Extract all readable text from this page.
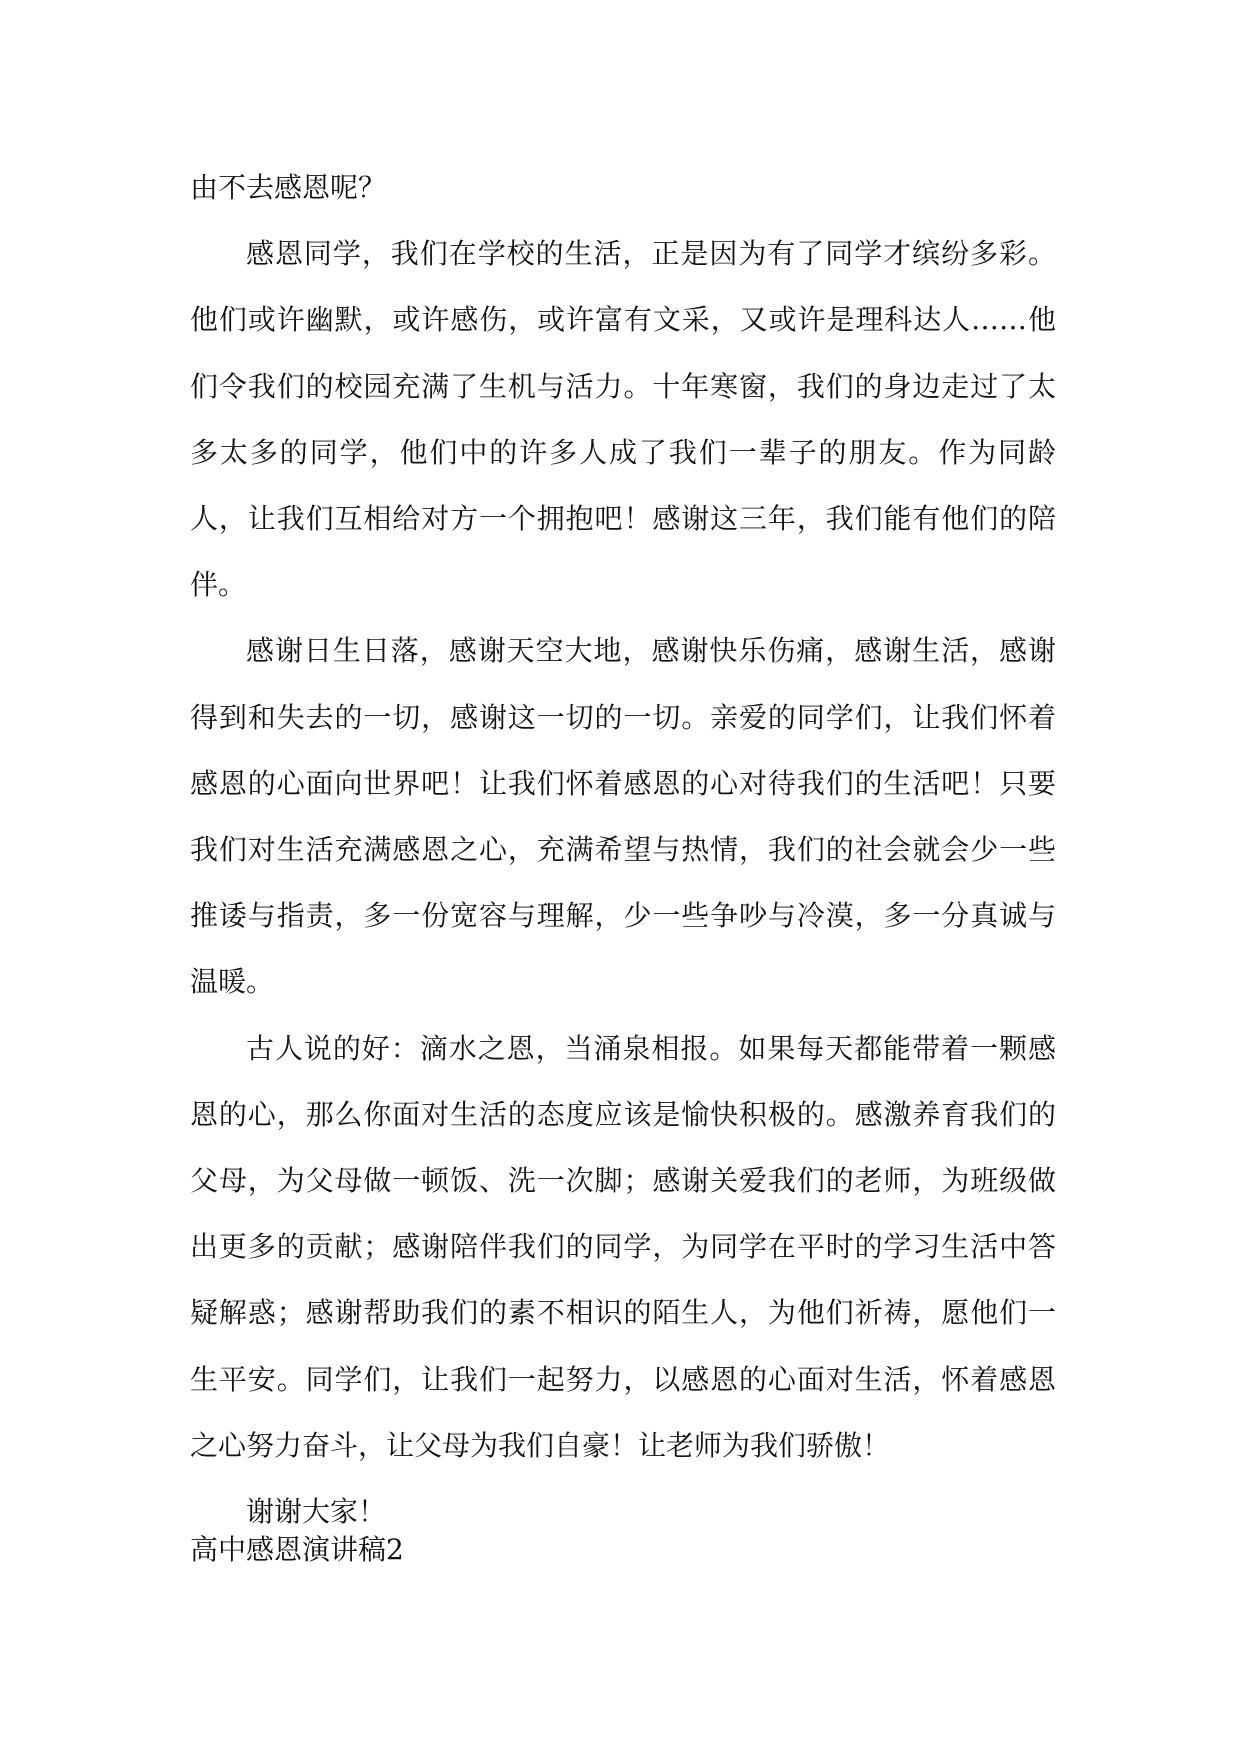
由不去感恩呢？

感恩同学，我们在学校的生活，正是因为有了同学才缤纷多彩。他们或许幽默，或许感伤，或许富有文采，又或许是理科达人……他们令我们的校园充满了生机与活力。十年寒窗，我们的身边走过了太多太多的同学，他们中的许多人成了我们一辈子的朋友。作为同龄人，让我们互相给对方一个拥抱吧！感谢这三年，我们能有他们的陪伴。

感谢日生日落，感谢天空大地，感谢快乐伤痛，感谢生活，感谢得到和失去的一切，感谢这一切的一切。亲爱的同学们，让我们怀着感恩的心面向世界吧！让我们怀着感恩的心对待我们的生活吧！只要我们对生活充满感恩之心，充满希望与热情，我们的社会就会少一些推诿与指责，多一份宽容与理解，少一些争吵与冷漠，多一分真诚与温暖。

古人说的好：滴水之恩，当涌泉相报。如果每天都能带着一颗感恩的心，那么你面对生活的态度应该是愉快积极的。感激养育我们的父母，为父母做一顿饭、洗一次脚；感谢关爱我们的老师，为班级做出更多的贡献；感谢陪伴我们的同学，为同学在平时的学习生活中答疑解惑；感谢帮助我们的素不相识的陌生人，为他们祈祷，愿他们一生平安。同学们，让我们一起努力，以感恩的心面对生活，怀着感恩之心努力奋斗，让父母为我们自豪！让老师为我们骄傲！

谢谢大家！

高中感恩演讲稿2
